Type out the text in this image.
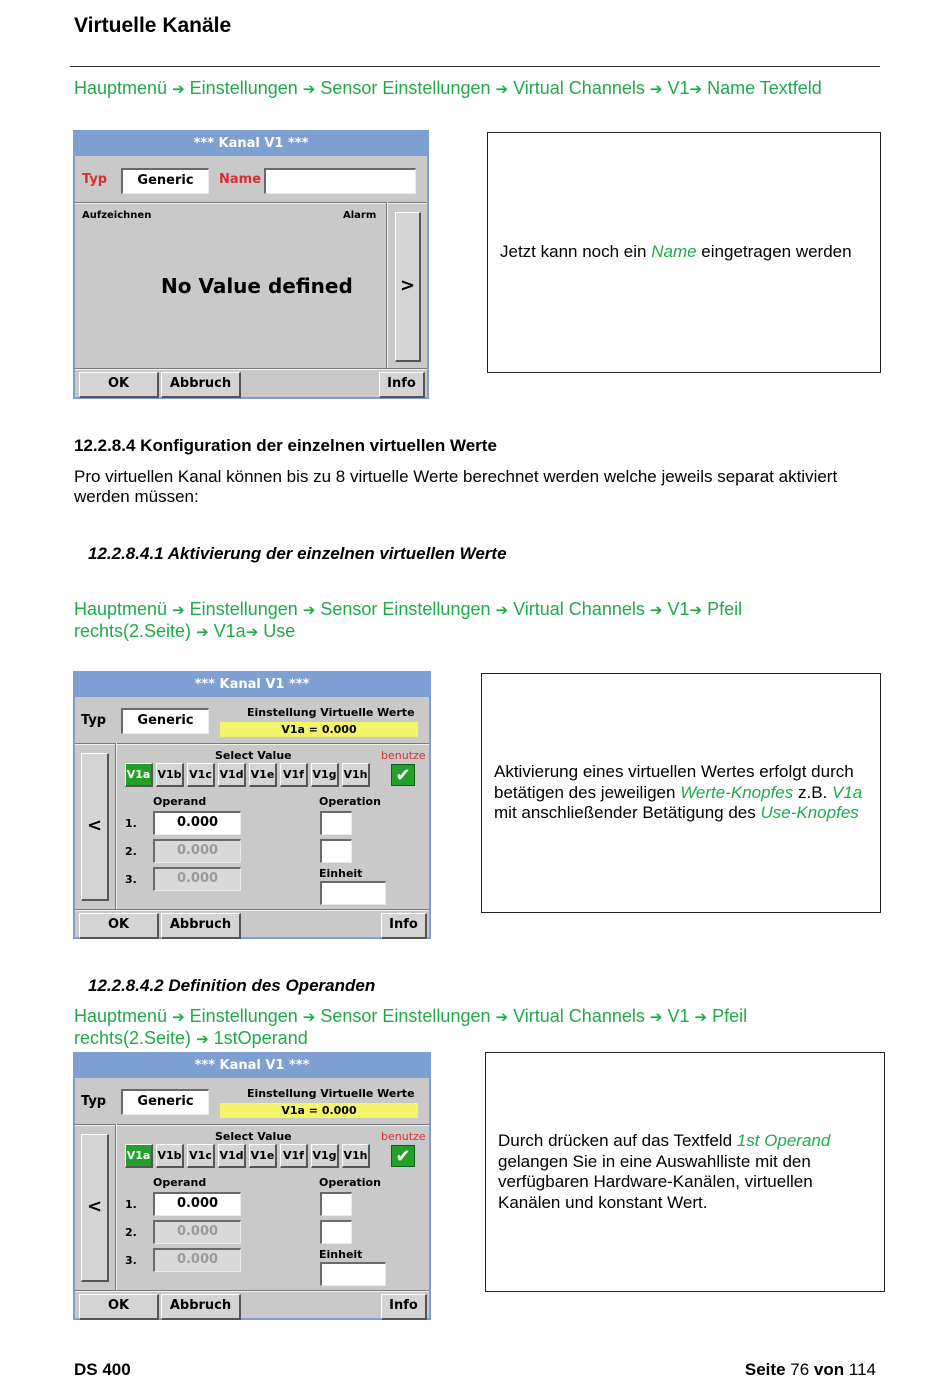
Virtuelle Kanäle
Hauptmenü ➔ Einstellungen ➔ Sensor Einstellungen ➔ Virtual Channels ➔ V1➔ Name Textfeld
*** Kanal V1 ***
Typ	Generic	Name
Aufzeichnen	Alarm
No Value defined	>
OK	Abbruch	Info
Jetzt kann noch ein Name eingetragen werden
12.2.8.4 Konfiguration der einzelnen virtuellen Werte
Pro virtuellen Kanal können bis zu 8 virtuelle Werte berechnet werden welche jeweils separat aktiviert werden müssen:
12.2.8.4.1 Aktivierung der einzelnen virtuellen Werte
Hauptmenü ➔ Einstellungen ➔ Sensor Einstellungen ➔ Virtual Channels ➔ V1➔ Pfeil
rechts(2.Seite) ➔ V1a➔ Use
*** Kanal V1 ***
Typ	Generic
Einstellung Virtuelle Werte
V1a = 0.000
<
Select Value	benutze
V1a V1b V1c V1d V1e V1f V1g V1h ✔
Operand	Operation
1.	0.000
2.	0.000
3.	0.000	Einheit
OK	Abbruch	Info
Aktivierung eines virtuellen Wertes erfolgt durch betätigen des jeweiligen Werte-Knopfes z.B. V1a mit anschließender Betätigung des Use-Knopfes
12.2.8.4.2 Definition des Operanden
Hauptmenü ➔ Einstellungen ➔ Sensor Einstellungen ➔ Virtual Channels ➔ V1 ➔ Pfeil
rechts(2.Seite) ➔ 1stOperand
*** Kanal V1 ***
Typ	Generic
Einstellung Virtuelle Werte
V1a = 0.000
<
Select Value	benutze
V1a V1b V1c V1d V1e V1f V1g V1h ✔
Operand	Operation
1.	0.000
2.	0.000
3.	0.000	Einheit
OK	Abbruch	Info
Durch drücken auf das Textfeld 1st Operand gelangen Sie in eine Auswahlliste mit den verfügbaren Hardware-Kanälen, virtuellen Kanälen und konstant Wert.
DS 400	Seite 76 von 114
